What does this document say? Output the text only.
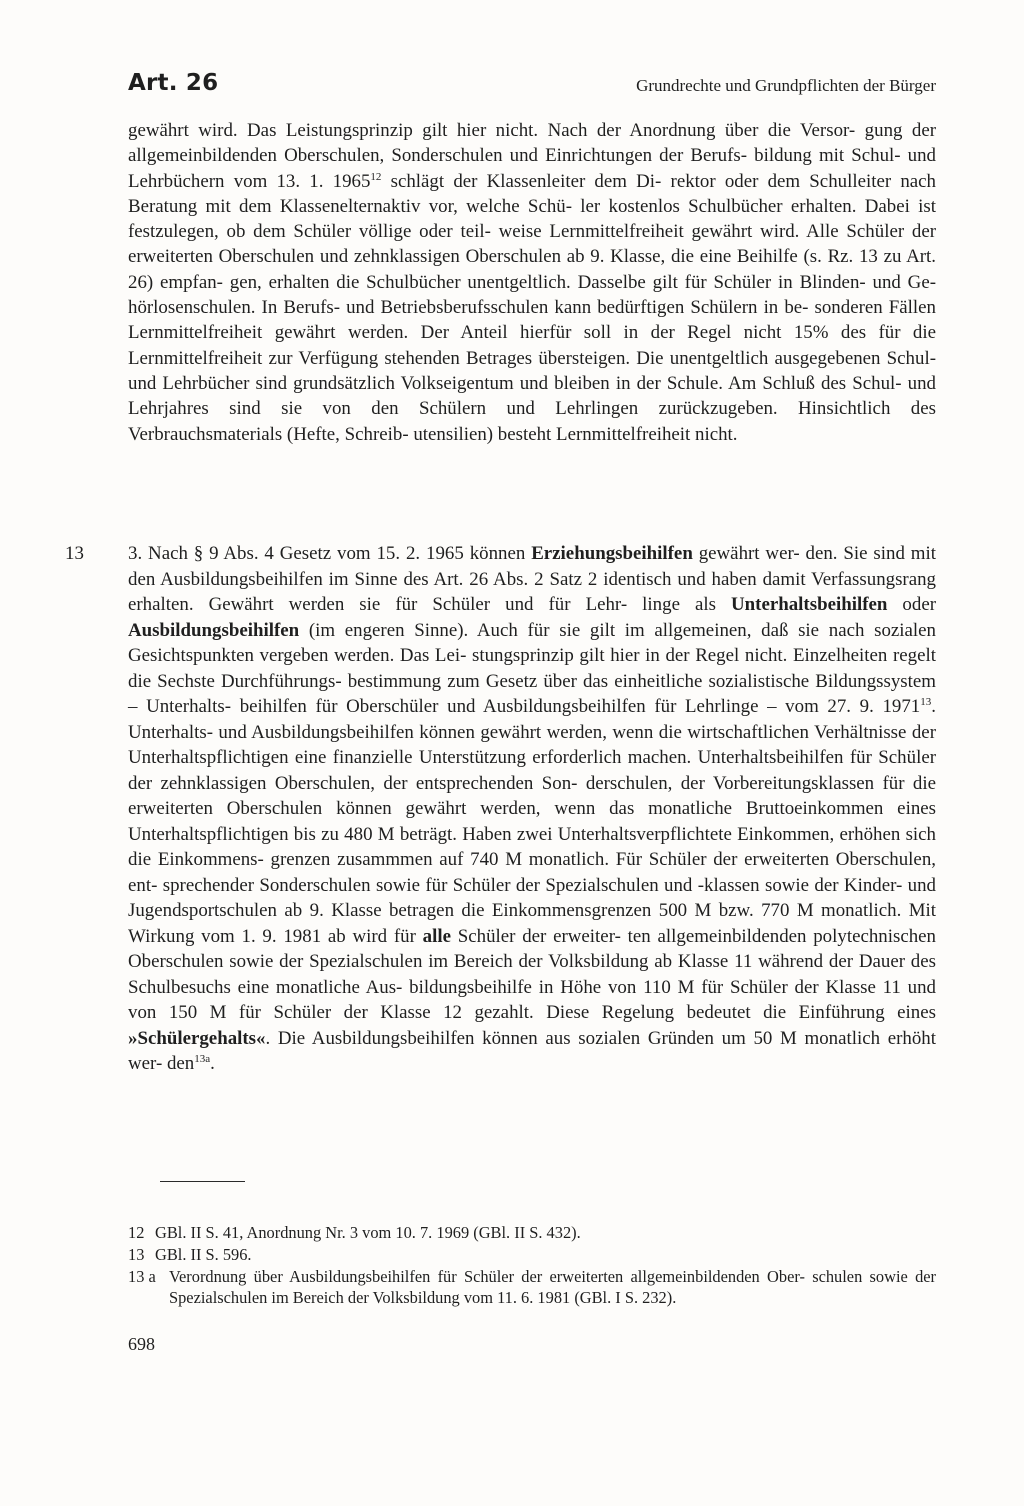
Art. 26	Grundrechte und Grundpflichten der Bürger

gewährt wird. Das Leistungsprinzip gilt hier nicht. Nach der Anordnung über die Versor- gung der allgemeinbildenden Oberschulen, Sonderschulen und Einrichtungen der Berufs- bildung mit Schul- und Lehrbüchern vom 13. 1. 1965$^{12}$ schlägt der Klassenleiter dem Di- rektor oder dem Schulleiter nach Beratung mit dem Klassenelternaktiv vor, welche Schü- ler kostenlos Schulbücher erhalten. Dabei ist festzulegen, ob dem Schüler völlige oder teil- weise Lernmittelfreiheit gewährt wird. Alle Schüler der erweiterten Oberschulen und zehnklassigen Oberschulen ab 9. Klasse, die eine Beihilfe (s. Rz. 13 zu Art. 26) empfan- gen, erhalten die Schulbücher unentgeltlich. Dasselbe gilt für Schüler in Blinden- und Ge- hörlosenschulen. In Berufs- und Betriebsberufsschulen kann bedürftigen Schülern in be- sonderen Fällen Lernmittelfreiheit gewährt werden. Der Anteil hierfür soll in der Regel nicht 15% des für die Lernmittelfreiheit zur Verfügung stehenden Betrages übersteigen. Die unentgeltlich ausgegebenen Schul- und Lehrbücher sind grundsätzlich Volkseigentum und bleiben in der Schule. Am Schluß des Schul- und Lehrjahres sind sie von den Schülern und Lehrlingen zurückzugeben. Hinsichtlich des Verbrauchsmaterials (Hefte, Schreib- utensilien) besteht Lernmittelfreiheit nicht.

13 3. Nach § 9 Abs. 4 Gesetz vom 15. 2. 1965 können Erziehungsbeihilfen gewährt wer- den. Sie sind mit den Ausbildungsbeihilfen im Sinne des Art. 26 Abs. 2 Satz 2 identisch und haben damit Verfassungsrang erhalten. Gewährt werden sie für Schüler und für Lehr- linge als Unterhaltsbeihilfen oder Ausbildungsbeihilfen (im engeren Sinne). Auch für sie gilt im allgemeinen, daß sie nach sozialen Gesichtspunkten vergeben werden. Das Lei- stungsprinzip gilt hier in der Regel nicht. Einzelheiten regelt die Sechste Durchführungs- bestimmung zum Gesetz über das einheitliche sozialistische Bildungssystem – Unterhalts- beihilfen für Oberschüler und Ausbildungsbeihilfen für Lehrlinge – vom 27. 9. 1971$^{13}$. Unterhalts- und Ausbildungsbeihilfen können gewährt werden, wenn die wirtschaftlichen Verhältnisse der Unterhaltspflichtigen eine finanzielle Unterstützung erforderlich machen. Unterhaltsbeihilfen für Schüler der zehnklassigen Oberschulen, der entsprechenden Son- derschulen, der Vorbereitungsklassen für die erweiterten Oberschulen können gewährt werden, wenn das monatliche Bruttoeinkommen eines Unterhaltspflichtigen bis zu 480 M beträgt. Haben zwei Unterhaltsverpflichtete Einkommen, erhöhen sich die Einkommens- grenzen zusammmen auf 740 M monatlich. Für Schüler der erweiterten Oberschulen, ent- sprechender Sonderschulen sowie für Schüler der Spezialschulen und -klassen sowie der Kinder- und Jugendsportschulen ab 9. Klasse betragen die Einkommensgrenzen 500 M bzw. 770 M monatlich. Mit Wirkung vom 1. 9. 1981 ab wird für alle Schüler der erweiter- ten allgemeinbildenden polytechnischen Oberschulen sowie der Spezialschulen im Bereich der Volksbildung ab Klasse 11 während der Dauer des Schulbesuchs eine monatliche Aus- bildungsbeihilfe in Höhe von 110 M für Schüler der Klasse 11 und von 150 M für Schüler der Klasse 12 gezahlt. Diese Regelung bedeutet die Einführung eines »Schülergehalts«. Die Ausbildungsbeihilfen können aus sozialen Gründen um 50 M monatlich erhöht wer- den$^{13a}$.

12 GBl. II S. 41, Anordnung Nr. 3 vom 10. 7. 1969 (GBl. II S. 432).
13 GBl. II S. 596.
13 a Verordnung über Ausbildungsbeihilfen für Schüler der erweiterten allgemeinbildenden Ober- schulen sowie der Spezialschulen im Bereich der Volksbildung vom 11. 6. 1981 (GBl. I S. 232).
698
